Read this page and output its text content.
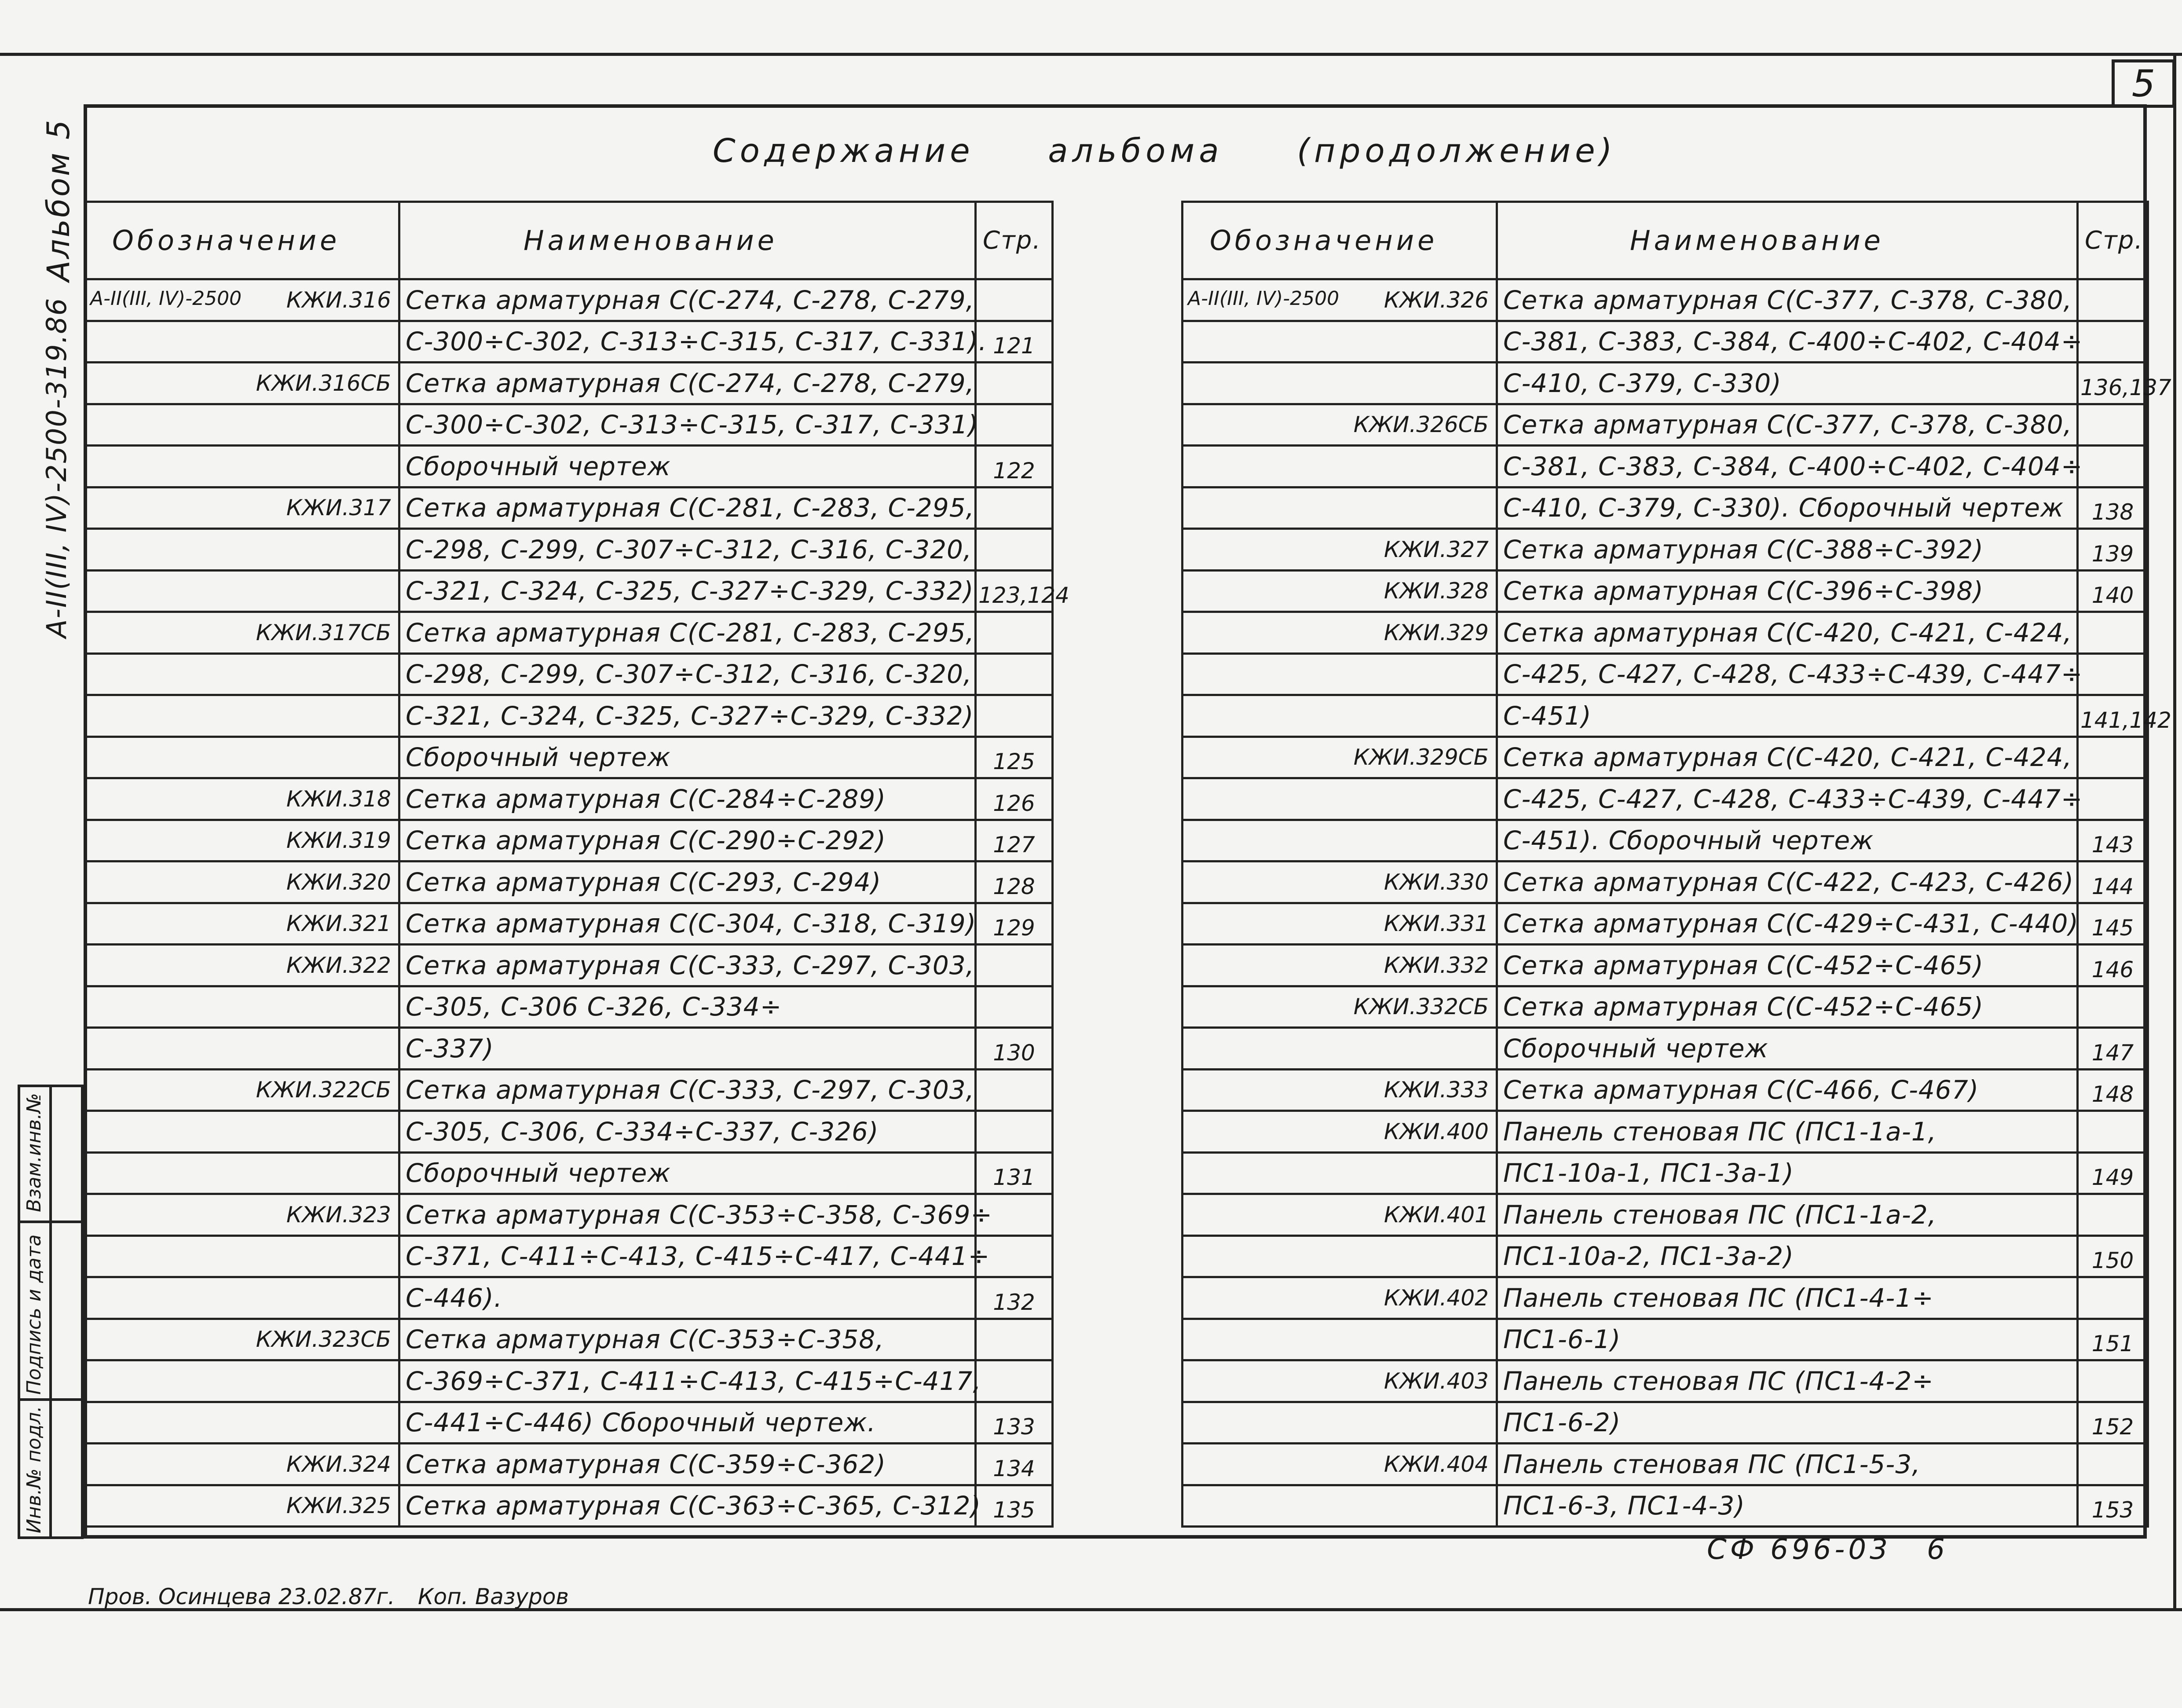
5
Альбом 5
А-II(III, IV)-2500-319.86
Содержание     альбома     (продолжение)
Обозначение	Наименование	Стр.

А-II(III, IV)-2500 КЖИ.316	Сетка арматурная С(С-274, С-278, С-279,	
	С-300÷С-302, С-313÷С-315, С-317, С-331).	121
КЖИ.316СБ	Сетка арматурная С(С-274, С-278, С-279,	
	С-300÷С-302, С-313÷С-315, С-317, С-331)	
	Сборочный чертеж	122
КЖИ.317	Сетка арматурная С(С-281, С-283, С-295,	
	С-298, С-299, С-307÷С-312, С-316, С-320,	
	С-321, С-324, С-325, С-327÷С-329, С-332)	123,124
КЖИ.317СБ	Сетка арматурная С(С-281, С-283, С-295,	
	С-298, С-299, С-307÷С-312, С-316, С-320,	
	С-321, С-324, С-325, С-327÷С-329, С-332)	
	Сборочный чертеж	125
КЖИ.318	Сетка арматурная С(С-284÷С-289)	126
КЖИ.319	Сетка арматурная С(С-290÷С-292)	127
КЖИ.320	Сетка арматурная С(С-293, С-294)	128
КЖИ.321	Сетка арматурная С(С-304, С-318, С-319)	129
КЖИ.322	Сетка арматурная С(С-333, С-297, С-303,	
	С-305, С-306 С-326, С-334÷	
	С-337)	130
КЖИ.322СБ	Сетка арматурная С(С-333, С-297, С-303,	
	С-305, С-306, С-334÷С-337, С-326)	
	Сборочный чертеж	131
КЖИ.323	Сетка арматурная С(С-353÷С-358, С-369÷	
	С-371, С-411÷С-413, С-415÷С-417, С-441÷	
	С-446).	132
КЖИ.323СБ	Сетка арматурная С(С-353÷С-358,	
	С-369÷С-371, С-411÷С-413, С-415÷С-417,	
	С-441÷С-446) Сборочный чертеж.	133
КЖИ.324	Сетка арматурная С(С-359÷С-362)	134
КЖИ.325	Сетка арматурная С(С-363÷С-365, С-312)	135
Обозначение	Наименование	Стр.

А-II(III, IV)-2500 КЖИ.326	Сетка арматурная С(С-377, С-378, С-380,	
	С-381, С-383, С-384, С-400÷С-402, С-404÷	
	С-410, С-379, С-330)	136,137
КЖИ.326СБ	Сетка арматурная С(С-377, С-378, С-380,	
	С-381, С-383, С-384, С-400÷С-402, С-404÷	
	С-410, С-379, С-330). Сборочный чертеж	138
КЖИ.327	Сетка арматурная С(С-388÷С-392)	139
КЖИ.328	Сетка арматурная С(С-396÷С-398)	140
КЖИ.329	Сетка арматурная С(С-420, С-421, С-424,	
	С-425, С-427, С-428, С-433÷С-439, С-447÷	
	С-451)	141,142
КЖИ.329СБ	Сетка арматурная С(С-420, С-421, С-424,	
	С-425, С-427, С-428, С-433÷С-439, С-447÷	
	С-451). Сборочный чертеж	143
КЖИ.330	Сетка арматурная С(С-422, С-423, С-426)	144
КЖИ.331	Сетка арматурная С(С-429÷С-431, С-440)	145
КЖИ.332	Сетка арматурная С(С-452÷С-465)	146
КЖИ.332СБ	Сетка арматурная С(С-452÷С-465)	
	Сборочный чертеж	147
КЖИ.333	Сетка арматурная С(С-466, С-467)	148
КЖИ.400	Панель стеновая ПС (ПС1-1а-1,	
	ПС1-10а-1, ПС1-3а-1)	149
КЖИ.401	Панель стеновая ПС (ПС1-1а-2,	
	ПС1-10а-2, ПС1-3а-2)	150
КЖИ.402	Панель стеновая ПС (ПС1-4-1÷	
	ПС1-6-1)	151
КЖИ.403	Панель стеновая ПС (ПС1-4-2÷	
	ПС1-6-2)	152
КЖИ.404	Панель стеновая ПС (ПС1-5-3,	
	ПС1-6-3, ПС1-4-3)	153
Взам.инв.№
Подпись и дата
Инв.№ подл.
СФ 696-03 6
Пров. Осинцева 23.02.87г. Коп. Вазуров
